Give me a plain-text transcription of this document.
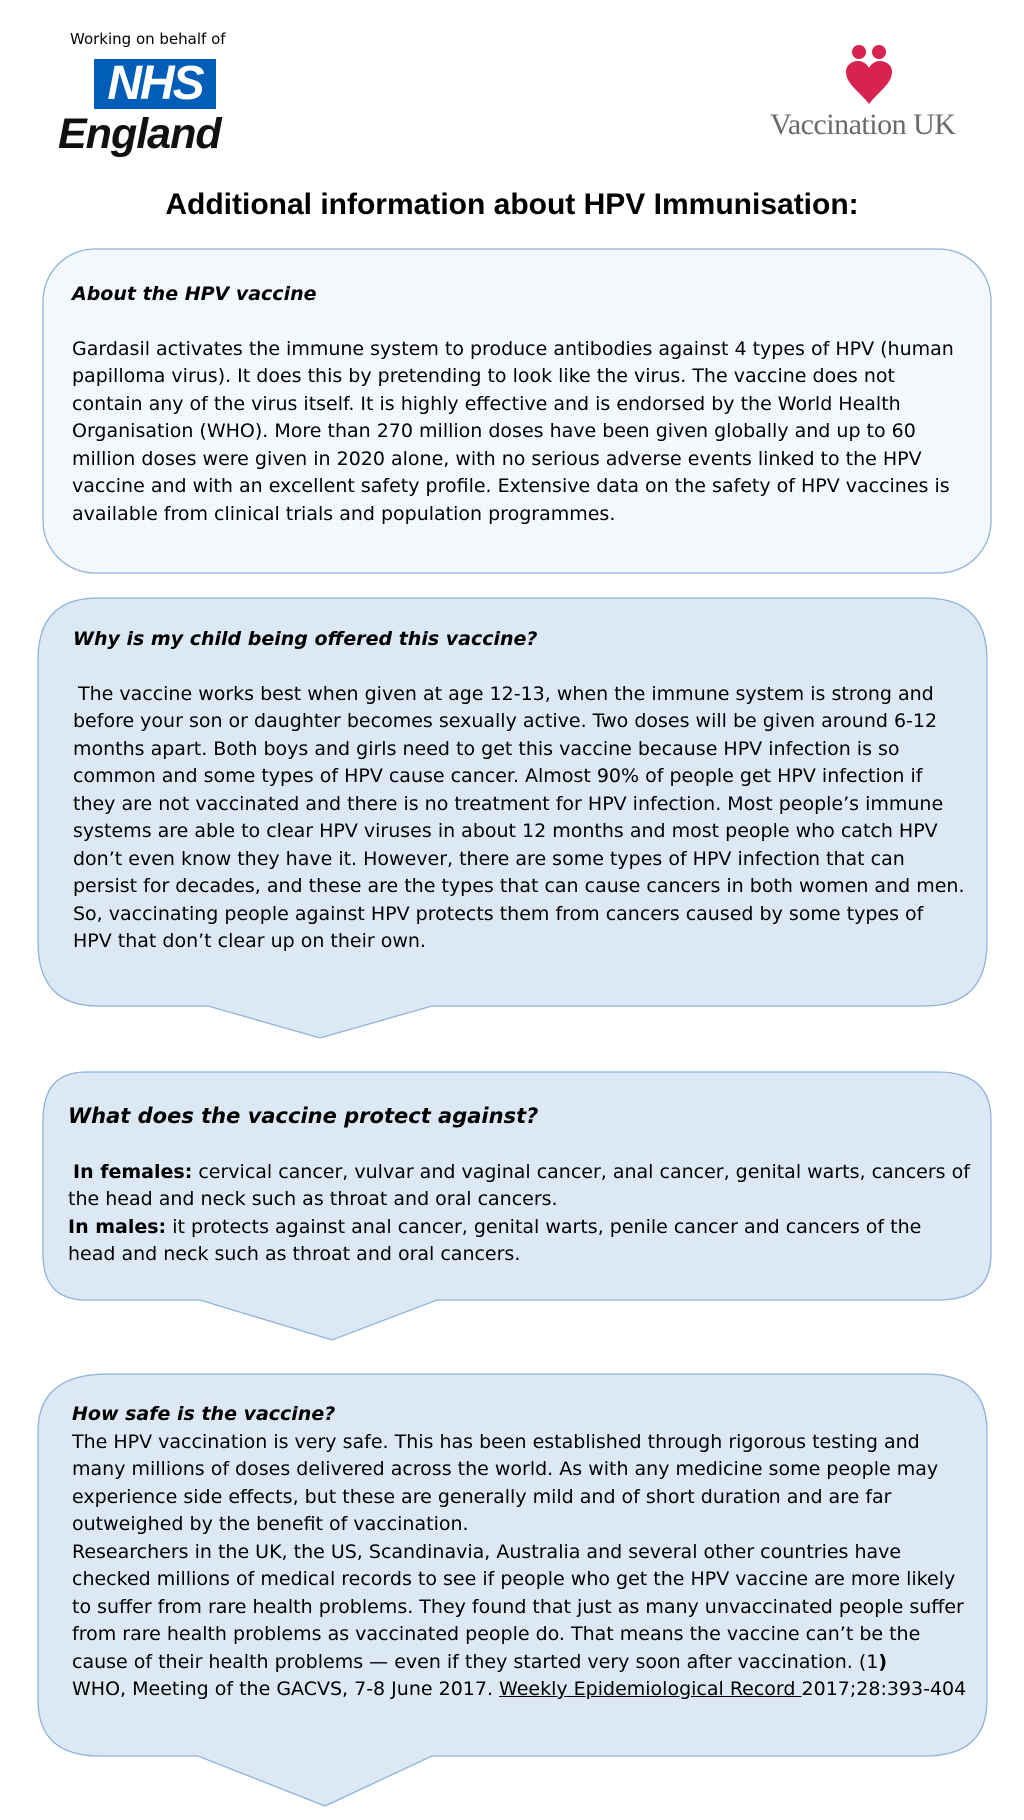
Working on behalf of
NHS
England	Vaccination UK
Additional information about HPV Immunisation:
About the HPV vaccine

Gardasil activates the immune system to produce antibodies against 4 types of HPV (human papilloma virus). It does this by pretending to look like the virus. The vaccine does not contain any of the virus itself. It is highly effective and is endorsed by the World Health Organisation (WHO). More than 270 million doses have been given globally and up to 60 million doses were given in 2020 alone, with no serious adverse events linked to the HPV vaccine and with an excellent safety profile. Extensive data on the safety of HPV vaccines is available from clinical trials and population programmes.

Why is my child being offered this vaccine?

The vaccine works best when given at age 12-13, when the immune system is strong and before your son or daughter becomes sexually active. Two doses will be given around 6-12 months apart. Both boys and girls need to get this vaccine because HPV infection is so common and some types of HPV cause cancer. Almost 90% of people get HPV infection if they are not vaccinated and there is no treatment for HPV infection. Most people’s immune systems are able to clear HPV viruses in about 12 months and most people who catch HPV don’t even know they have it. However, there are some types of HPV infection that can persist for decades, and these are the types that can cause cancers in both women and men. So, vaccinating people against HPV protects them from cancers caused by some types of HPV that don’t clear up on their own.

What does the vaccine protect against?

In females: cervical cancer, vulvar and vaginal cancer, anal cancer, genital warts, cancers of the head and neck such as throat and oral cancers.

In males: it protects against anal cancer, genital warts, penile cancer and cancers of the head and neck such as throat and oral cancers.

How safe is the vaccine?

The HPV vaccination is very safe. This has been established through rigorous testing and many millions of doses delivered across the world. As with any medicine some people may experience side effects, but these are generally mild and of short duration and are far outweighed by the benefit of vaccination.

Researchers in the UK, the US, Scandinavia, Australia and several other countries have checked millions of medical records to see if people who get the HPV vaccine are more likely to suffer from rare health problems. They found that just as many unvaccinated people suffer from rare health problems as vaccinated people do. That means the vaccine can’t be the cause of their health problems — even if they started very soon after vaccination. (1)

WHO, Meeting of the GACVS, 7-8 June 2017. Weekly Epidemiological Record 2017;28:393-404
